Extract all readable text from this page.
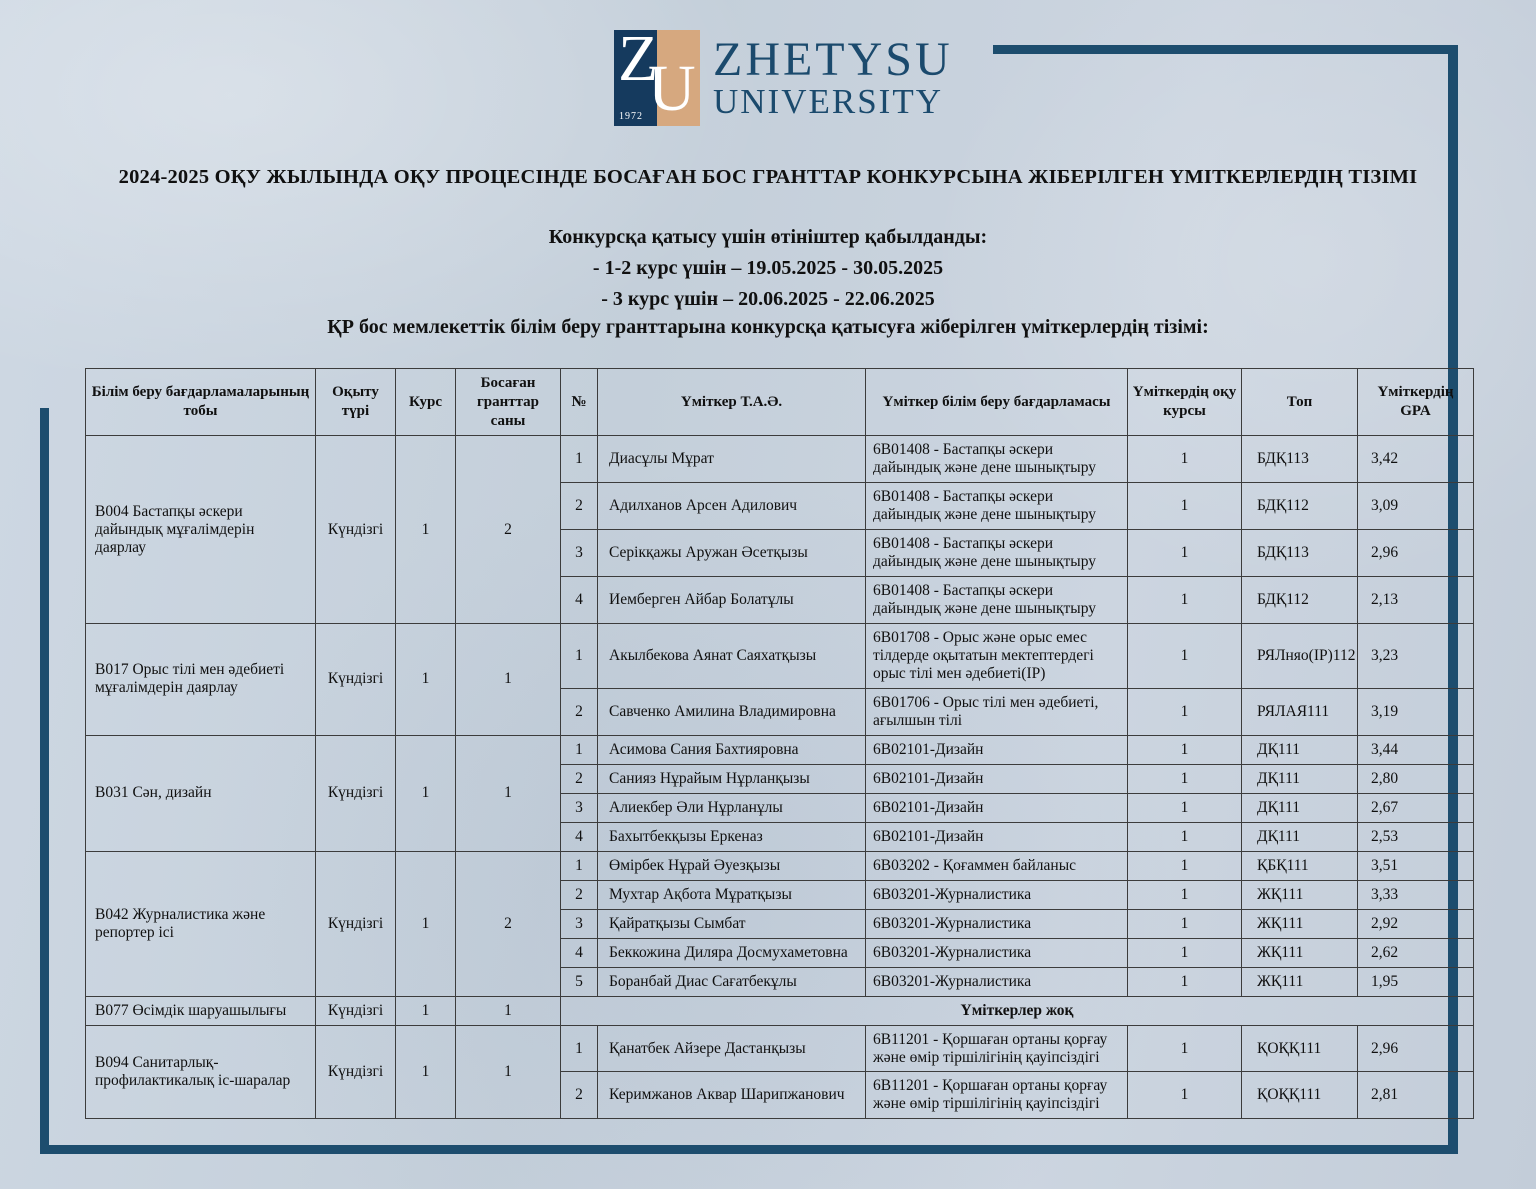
Z
U
1972
ZHETYSU
UNIVERSITY
2024-2025 ОҚУ ЖЫЛЫНДА ОҚУ ПРОЦЕСІНДЕ БОСАҒАН БОС ГРАНТТАР КОНКУРСЫНА ЖІБЕРІЛГЕН ҮМІТКЕРЛЕРДІҢ ТІЗІМІ
Конкурсқа қатысу үшін өтініштер қабылданды:
- 1-2 курс үшін – 19.05.2025 - 30.05.2025
- 3 курс үшін – 20.06.2025 - 22.06.2025
ҚР бос мемлекеттік білім беру гранттарына конкурсқа қатысуға жіберілген үміткерлердің тізімі:
Білім беру бағдарламаларының тобы	Оқыту түрі	Курс	Босаған гранттар саны	№	Үміткер Т.А.Ә.	Үміткер білім беру бағдарламасы	Үміткердің оқу курсы	Топ	Үміткердің GPA
В004 Бастапқы әскери дайындық мұғалімдерін даярлау	Күндізгі	1	2	1	Диасұлы Мұрат	6В01408 - Бастапқы әскери дайындық және дене шынықтыру	1	БДҚ113	3,42
				2	Адилханов Арсен Адилович	6В01408 - Бастапқы әскери дайындық және дене шынықтыру	1	БДҚ112	3,09
				3	Серікқажы Аружан Әсетқызы	6В01408 - Бастапқы әскери дайындық және дене шынықтыру	1	БДҚ113	2,96
				4	Иемберген Айбар Болатұлы	6В01408 - Бастапқы әскери дайындық және дене шынықтыру	1	БДҚ112	2,13
В017 Орыс тілі мен әдебиеті мұғалімдерін даярлау	Күндізгі	1	1	1	Акылбекова Аянат Саяхатқызы	6В01708 - Орыс және орыс емес тілдерде оқытатын мектептердегі орыс тілі мен әдебиеті(IP)	1	РЯЛняо(IP)112	3,23
				2	Савченко Амилина Владимировна	6В01706 - Орыс тілі мен әдебиеті, ағылшын тілі	1	РЯЛАЯ111	3,19
В031 Сән, дизайн	Күндізгі	1	1	1	Асимова Сания Бахтияровна	6В02101-Дизайн	1	ДҚ111	3,44
				2	Санияз Нұрайым Нұрланқызы	6В02101-Дизайн	1	ДҚ111	2,80
				3	Алиекбер Әли Нұрланұлы	6В02101-Дизайн	1	ДҚ111	2,67
				4	Бахытбекқызы Еркеназ	6В02101-Дизайн	1	ДҚ111	2,53
В042 Журналистика және репортер ісі	Күндізгі	1	2	1	Өмірбек Нұрай Әуезқызы	6В03202 - Қоғаммен байланыс	1	ҚБҚ111	3,51
				2	Мухтар Ақбота Мұратқызы	6В03201-Журналистика	1	ЖҚ111	3,33
				3	Қайратқызы Сымбат	6В03201-Журналистика	1	ЖҚ111	2,92
				4	Беккожина Диляра Досмухаметовна	6В03201-Журналистика	1	ЖҚ111	2,62
				5	Боранбай Диас Сағатбекұлы	6В03201-Журналистика	1	ЖҚ111	1,95
В077 Өсімдік шаруашылығы	Күндізгі	1	1	Үміткерлер жоқ					
В094 Санитарлық-профилактикалық іс-шаралар	Күндізгі	1	1	1	Қанатбек Айзере Дастанқызы	6В11201 - Қоршаған ортаны қорғау және өмір тіршілігінің қауіпсіздігі	1	ҚОҚҚ111	2,96
				2	Керимжанов Аквар Шарипжанович	6В11201 - Қоршаған ортаны қорғау және өмір тіршілігінің қауіпсіздігі	1	ҚОҚҚ111	2,81
